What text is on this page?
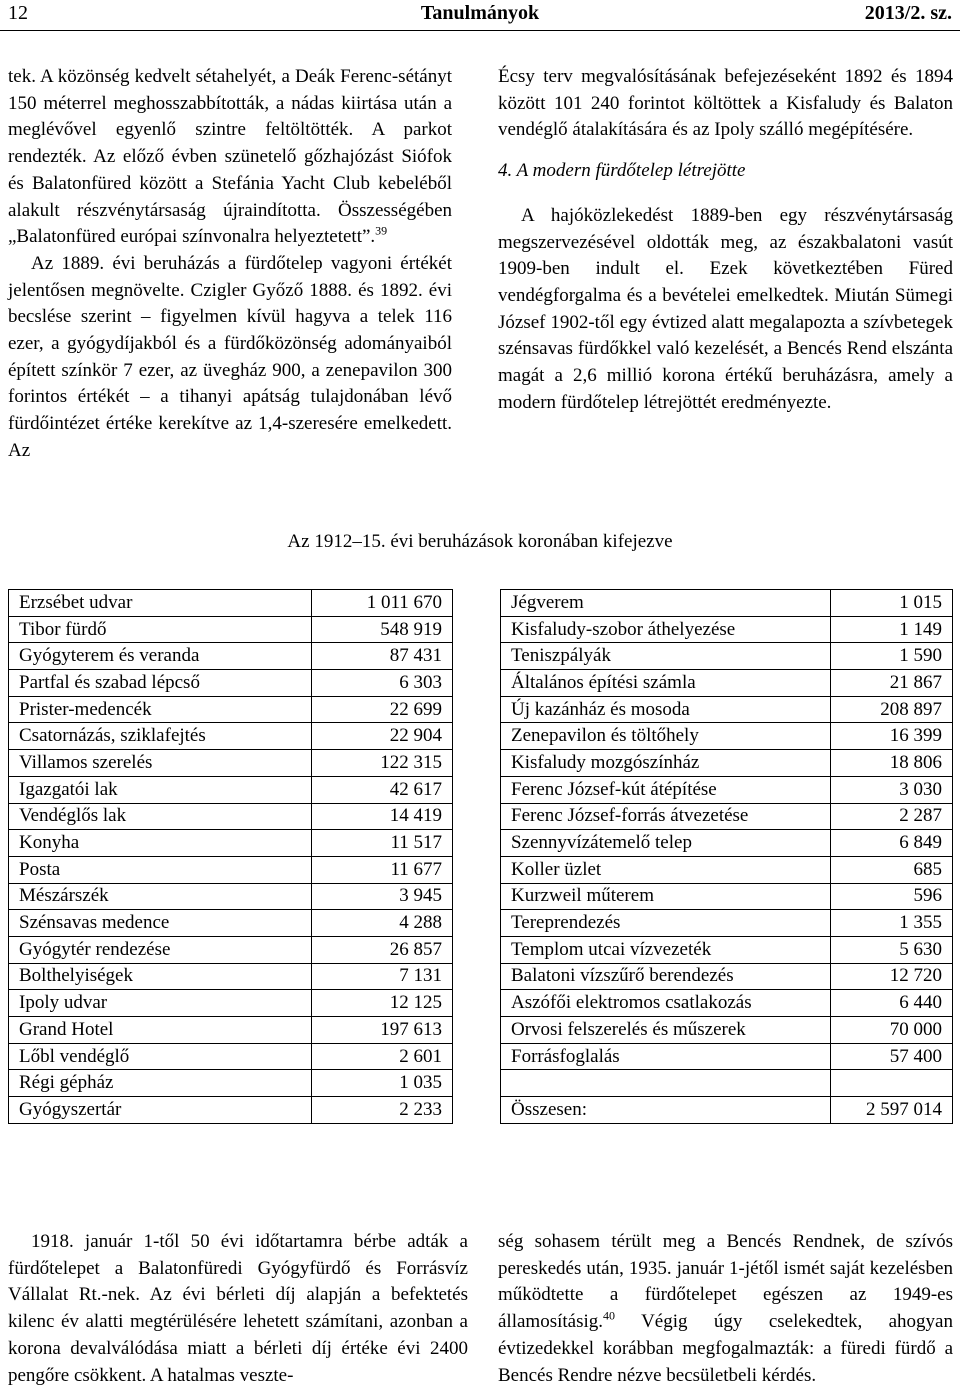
Tanulmányok
12	2013/2. sz.

tek. A közönség kedvelt sétahelyét, a Deák Ferenc-sétányt 150 méterrel meghosszabbították, a nádas kiirtása után a meglévővel egyenlő szintre feltöltötték. A parkot rendezték. Az előző évben szünetelő gőzhajózást Siófok és Balatonfüred között a Stefánia Yacht Club kebeléből alakult részvénytársaság újraindította. Összességében „Balatonfüred európai színvonalra helyeztetett”.$^{39}$

Az 1889. évi beruházás a fürdőtelep vagyoni értékét jelentősen megnövelte. Czigler Győző 1888. és 1892. évi becslése szerint – figyelmen kívül hagyva a telek 116 ezer, a gyógydíjakból és a fürdőközönség adományaiból épített színkör 7 ezer, az üvegház 900, a zenepavilon 300 forintos értékét – a tihanyi apátság tulajdonában lévő fürdőintézet értéke kerekítve az 1,4-szeresére emelkedett. Az

Écsy terv megvalósításának befejezéseként 1892 és 1894 között 101 240 forintot költöttek a Kisfaludy és Balaton vendéglő átalakítására és az Ipoly szálló megépítésére.

4. A modern fürdőtelep létrejötte

A hajóközlekedést 1889-ben egy részvénytársaság megszervezésével oldották meg, az északbalatoni vasút 1909-ben indult el. Ezek következtében Füred vendégforgalma és a bevételei emelkedtek. Miután Sümegi József 1902-től egy évtized alatt megalapozta a szívbetegek szénsavas fürdőkkel való kezelését, a Bencés Rend elszánta magát a 2,6 millió korona értékű beruházásra, amely a modern fürdőtelep létrejöttét eredményezte.

Az 1912–15. évi beruházások koronában kifejezve
Erzsébet udvar	1 011 670
Tibor fürdő	548 919
Gyógyterem és veranda	87 431
Partfal és szabad lépcső	6 303
Prister-medencék	22 699
Csatornázás, sziklafejtés	22 904
Villamos szerelés	122 315
Igazgatói lak	42 617
Vendéglős lak	14 419
Konyha	11 517
Posta	11 677
Mészárszék	3 945
Szénsavas medence	4 288
Gyógytér rendezése	26 857
Bolthelyiségek	7 131
Ipoly udvar	12 125
Grand Hotel	197 613
Lőbl vendéglő	2 601
Régi gépház	1 035
Gyógyszertár	2 233
Jégverem	1 015
Kisfaludy-szobor áthelyezése	1 149
Teniszpályák	1 590
Általános építési számla	21 867
Új kazánház és mosoda	208 897
Zenepavilon és töltőhely	16 399
Kisfaludy mozgószínház	18 806
Ferenc József-kút átépítése	3 030
Ferenc József-forrás átvezetése	2 287
Szennyvízátemelő telep	6 849
Koller üzlet	685
Kurzweil műterem	596
Tereprendezés	1 355
Templom utcai vízvezeték	5 630
Balatoni vízszűrő berendezés	12 720
Aszófői elektromos csatlakozás	6 440
Orvosi felszerelés és műszerek	70 000
Forrásfoglalás	57 400

Összesen:	2 597 014
1918. január 1-től 50 évi időtartamra bérbe adták a fürdőtelepet a Balatonfüredi Gyógyfürdő és Forrásvíz Vállalat Rt.-nek. Az évi bérleti díj alapján a befektetés kilenc év alatti megtérülésére lehetett számítani, azonban a korona devalválódása miatt a bérleti díj értéke évi 2400 pengőre csökkent. A hatalmas veszte-
ség sohasem térült meg a Bencés Rendnek, de szívós pereskedés után, 1935. január 1-jétől ismét saját kezelésben működtette a fürdőtelepet egészen az 1949-es államosításig.$^{40}$ Végig úgy cselekedtek, ahogyan évtizedekkel korábban megfogalmazták: a füredi fürdő a Bencés Rendre nézve becsületbeli kérdés.
